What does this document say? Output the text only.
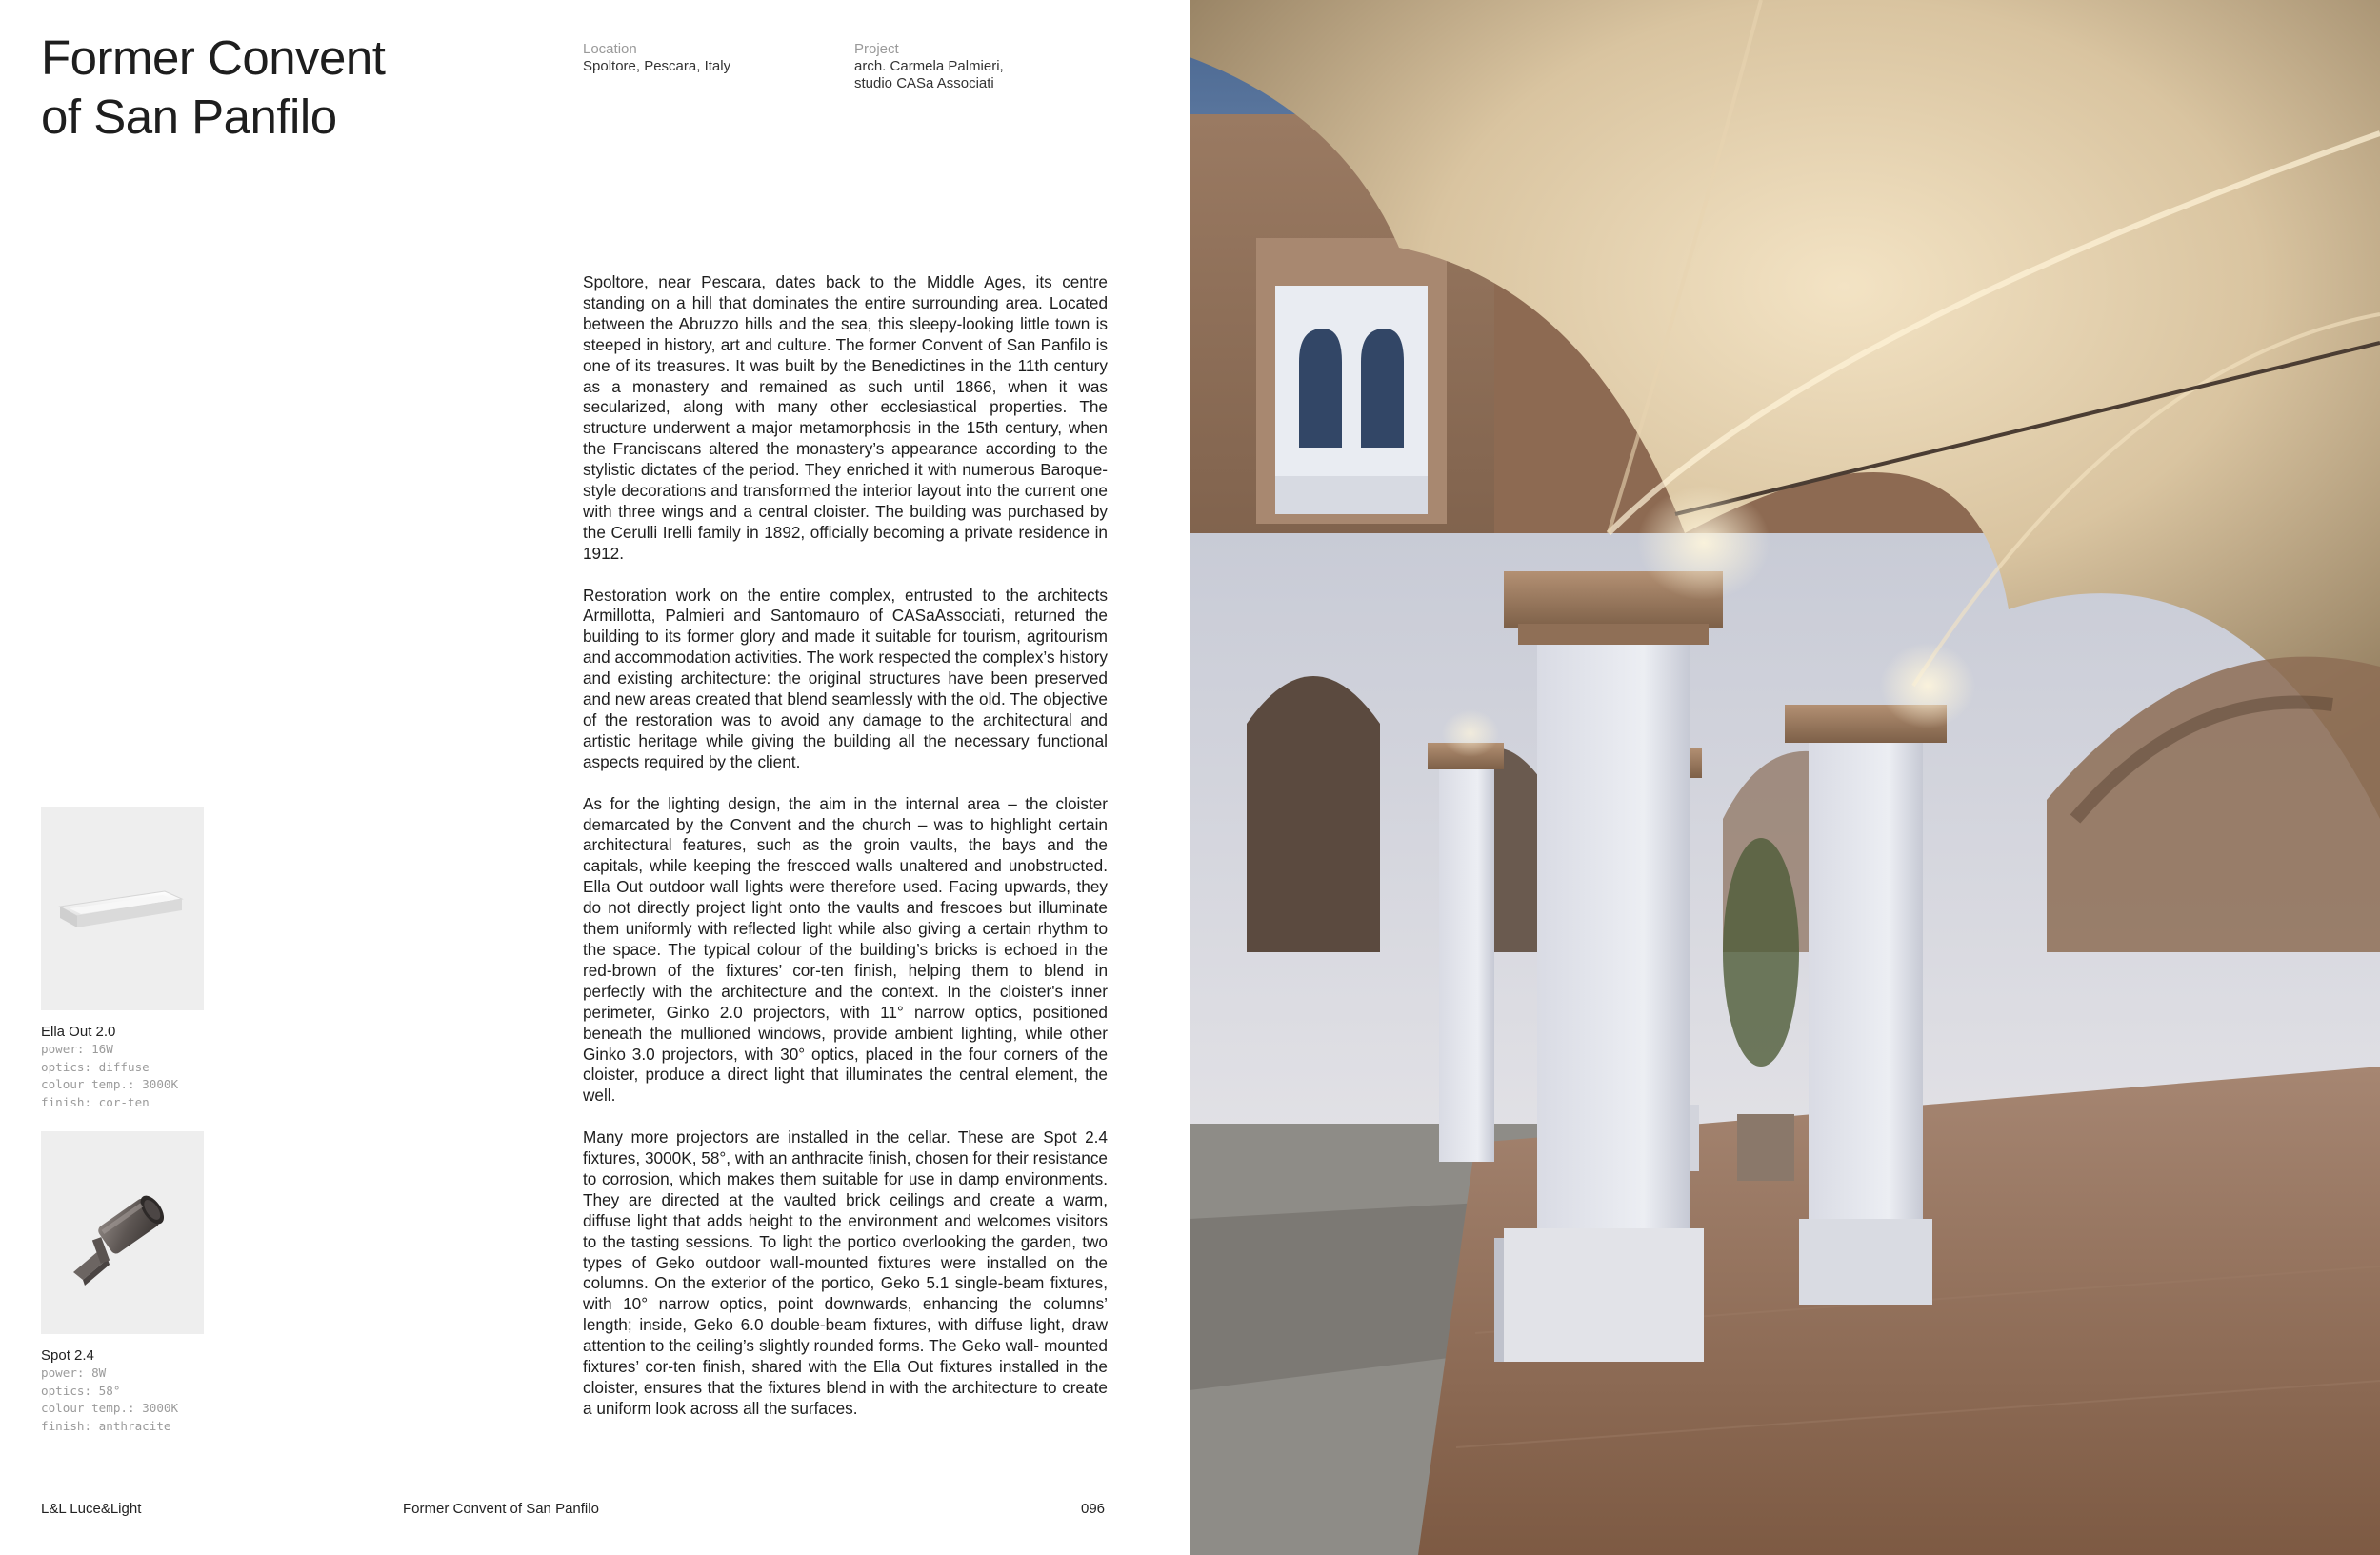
Former Convent
of San Panfilo
Location
Spoltore, Pescara, Italy
Project
arch. Carmela Palmieri,
studio CASa Associati

Spoltore, near Pescara, dates back to the Middle Ages, its centre standing on a hill that dominates the entire surrounding area. Located between the Abruzzo hills and the sea, this sleepy-looking little town is steeped in history, art and culture. The former Convent of San Panfilo is one of its treasures. It was built by the Benedictines in the 11th century as a monastery and remained as such until 1866, when it was secularized, along with many other ecclesiastical properties. The structure underwent a major metamorphosis in the 15th century, when the Franciscans altered the monastery’s appearance according to the stylistic dictates of the period. They enriched it with numerous Baroque-style decorations and transformed the interior layout into the current one with three wings and a central cloister. The building was purchased by the Cerulli Irelli family in 1892, officially becoming a private residence in 1912.

Restoration work on the entire complex, entrusted to the architects Armillotta, Palmieri and Santomauro of CASaAssociati, returned the building to its former glory and made it suitable for tourism, agritourism and accommodation activities. The work respected the complex’s history and existing architecture: the original structures have been preserved and new areas created that blend seamlessly with the old. The objective of the restoration was to avoid any damage to the architectural and artistic heritage while giving the building all the necessary functional aspects required by the client.

As for the lighting design, the aim in the internal area – the cloister demarcated by the Convent and the church – was to highlight certain architectural features, such as the groin vaults, the bays and the capitals, while keeping the frescoed walls unaltered and unobstructed. Ella Out outdoor wall lights were therefore used. Facing upwards, they do not directly project light onto the vaults and frescoes but illuminate them uniformly with reflected light while also giving a certain rhythm to the space. The typical colour of the building’s bricks is echoed in the red-brown of the fixtures’ cor-ten finish, helping them to blend in perfectly with the architecture and the context. In the cloister's inner perimeter, Ginko 2.0 projectors, with 11° narrow optics, positioned beneath the mullioned windows, provide ambient lighting, while other Ginko 3.0 projectors, with 30° optics, placed in the four corners of the cloister, produce a direct light that illuminates the central element, the well.

Many more projectors are installed in the cellar. These are Spot 2.4 fixtures, 3000K, 58°, with an anthracite finish, chosen for their resistance to corrosion, which makes them suitable for use in damp environments. They are directed at the vaulted brick ceilings and create a warm, diffuse light that adds height to the environment and welcomes visitors to the tasting sessions. To light the portico overlooking the garden, two types of Geko outdoor wall-mounted fixtures were installed on the columns. On the exterior of the portico, Geko 5.1 single-beam fixtures, with 10° narrow optics, point downwards, enhancing the columns’ length; inside, Geko 6.0 double-beam fixtures, with diffuse light, draw attention to the ceiling’s slightly rounded forms. The Geko wall- mounted fixtures’ cor-ten finish, shared with the Ella Out fixtures installed in the cloister, ensures that the fixtures blend in with the architecture to create a uniform look across all the surfaces.

Ella Out 2.0

power: 16W
optics: diffuse
colour temp.: 3000K
finish: cor-ten

Spot 2.4

power: 8W
optics: 58°
colour temp.: 3000K
finish: anthracite
L&L Luce&Light	Former Convent of San Panfilo	096
